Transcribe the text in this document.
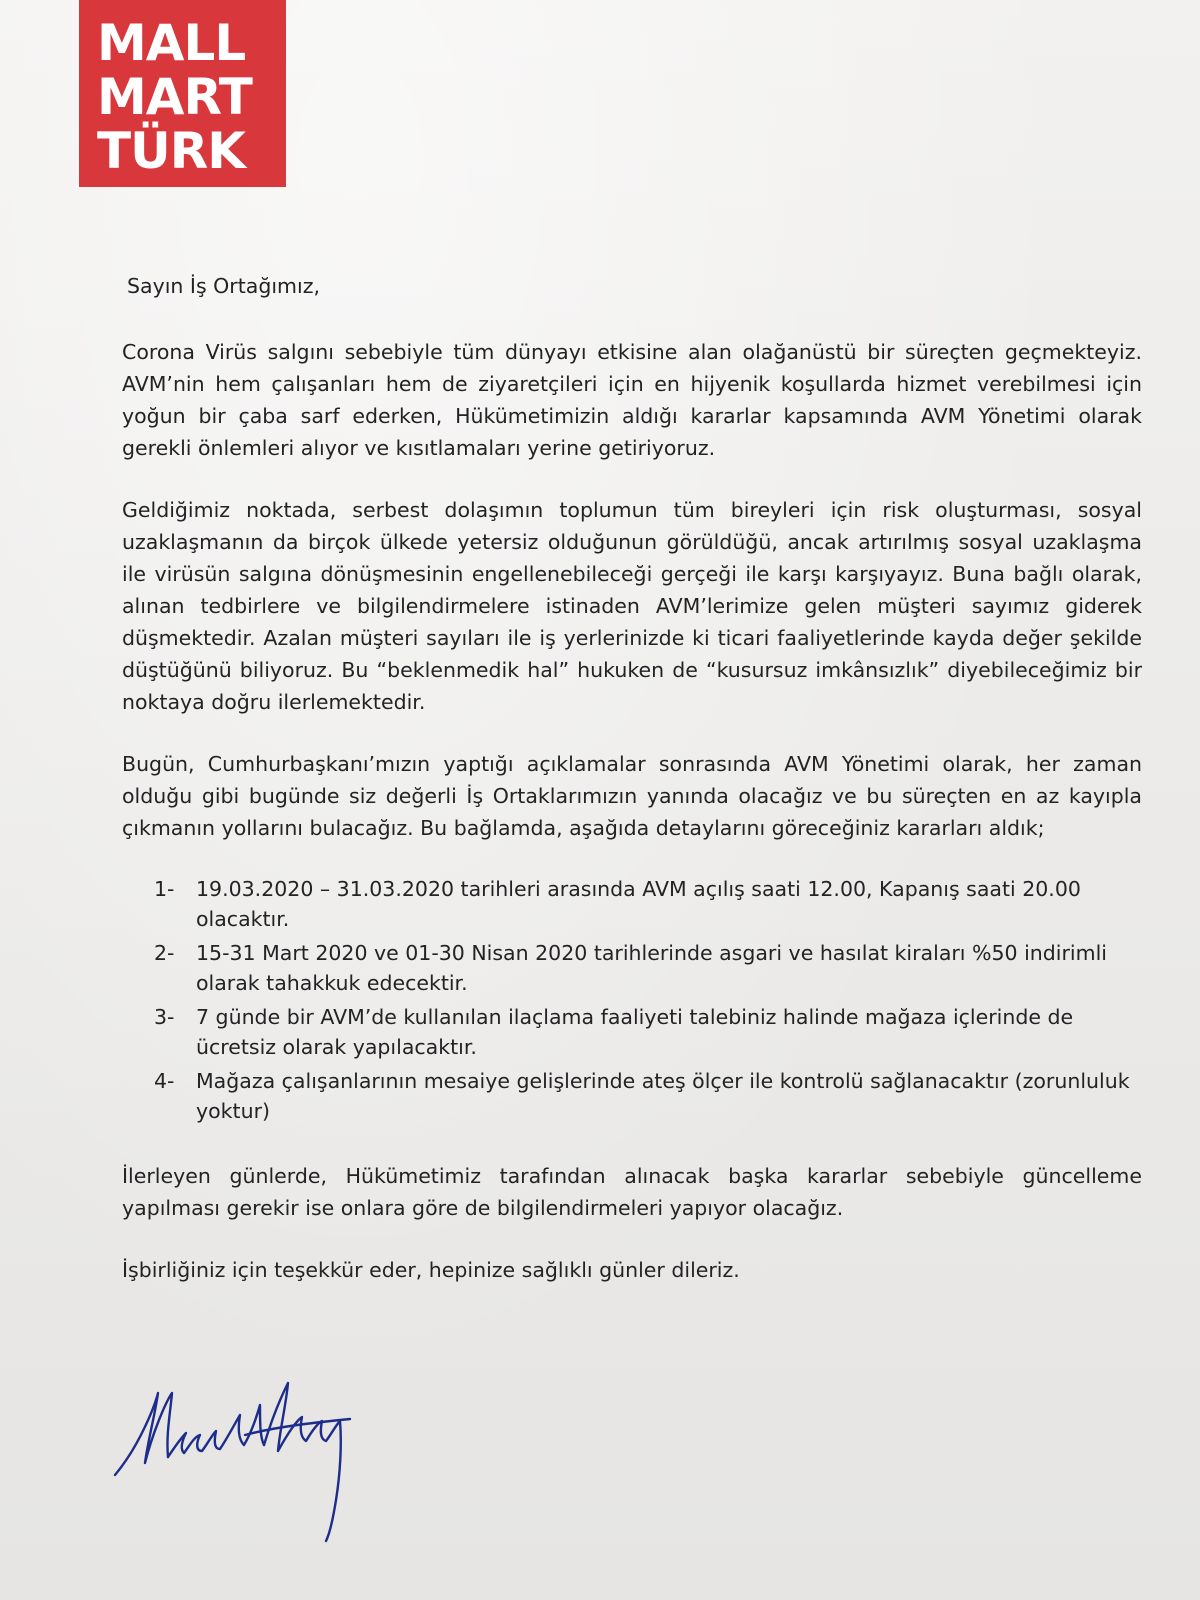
MALL
MART
TÜRK

Sayın İş Ortağımız,

Corona Virüs salgını sebebiyle tüm dünyayı etkisine alan olağanüstü bir süreçten geçmekteyiz. AVM’nin hem çalışanları hem de ziyaretçileri için en hijyenik koşullarda hizmet verebilmesi için yoğun bir çaba sarf ederken, Hükümetimizin aldığı kararlar kapsamında AVM Yönetimi olarak gerekli önlemleri alıyor ve kısıtlamaları yerine getiriyoruz.

Geldiğimiz noktada, serbest dolaşımın toplumun tüm bireyleri için risk oluşturması, sosyal uzaklaşmanın da birçok ülkede yetersiz olduğunun görüldüğü, ancak artırılmış sosyal uzaklaşma ile virüsün salgına dönüşmesinin engellenebileceği gerçeği ile karşı karşıyayız. Buna bağlı olarak, alınan tedbirlere ve bilgilendirmelere istinaden AVM’lerimize gelen müşteri sayımız giderek düşmektedir. Azalan müşteri sayıları ile iş yerlerinizde ki ticari faaliyetlerinde kayda değer şekilde düştüğünü biliyoruz. Bu “beklenmedik hal” hukuken de “kusursuz imkânsızlık” diyebileceğimiz bir noktaya doğru ilerlemektedir.

Bugün, Cumhurbaşkanı’mızın yaptığı açıklamalar sonrasında AVM Yönetimi olarak, her zaman olduğu gibi bugünde siz değerli İş Ortaklarımızın yanında olacağız ve bu süreçten en az kayıpla çıkmanın yollarını bulacağız. Bu bağlamda, aşağıda detaylarını göreceğiniz kararları aldık;

1-	19.03.2020 – 31.03.2020 tarihleri arasında AVM açılış saati 12.00, Kapanış saati 20.00 olacaktır.
2-	15-31 Mart 2020 ve 01-30 Nisan 2020 tarihlerinde asgari ve hasılat kiraları %50 indirimli olarak tahakkuk edecektir.
3-	7 günde bir AVM’de kullanılan ilaçlama faaliyeti talebiniz halinde mağaza içlerinde de ücretsiz olarak yapılacaktır.
4-	Mağaza çalışanlarının mesaiye gelişlerinde ateş ölçer ile kontrolü sağlanacaktır (zorunluluk yoktur)

İlerleyen günlerde, Hükümetimiz tarafından alınacak başka kararlar sebebiyle güncelleme yapılması gerekir ise onlara göre de bilgilendirmeleri yapıyor olacağız.

İşbirliğiniz için teşekkür eder, hepinize sağlıklı günler dileriz.
